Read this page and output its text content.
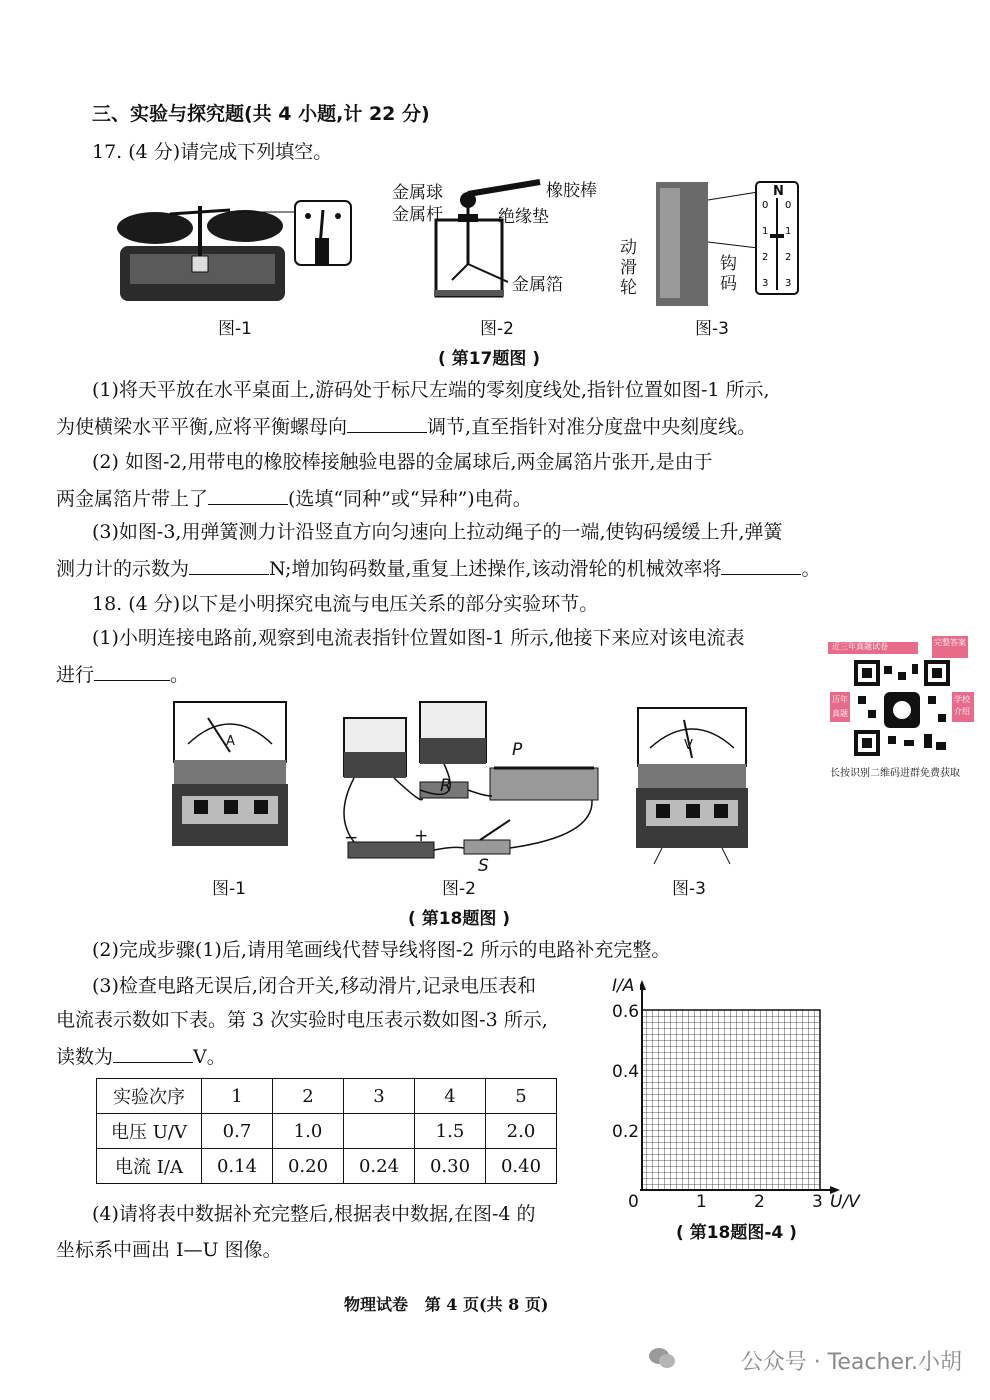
三、实验与探究题(共 4 小题,计 22 分)
17. (4 分)请完成下列填空。
图-1
金属球
金属杆
橡胶棒
绝缘垫
金属箔
图-2
0
1
2
3
0
1
2
3
N
动滑轮
钩码
图-3
( 第17题图 )
(1)将天平放在水平桌面上,游码处于标尺左端的零刻度线处,指针位置如图-1 所示,
为使横梁水平平衡,应将平衡螺母向	调节,直至指针对准分度盘中央刻度线。
(2) 如图-2,用带电的橡胶棒接触验电器的金属球后,两金属箔片张开,是由于
两金属箔片带上了	(选填“同种”或“异种”)电荷。
(3)如图-3,用弹簧测力计沿竖直方向匀速向上拉动绳子的一端,使钩码缓缓上升,弹簧
测力计的示数为	N;增加钩码数量,重复上述操作,该动滑轮的机械效率将	。
18. (4 分)以下是小明探究电流与电压关系的部分实验环节。
(1)小明连接电路前,观察到电流表指针位置如图-1 所示,他接下来应对该电流表
进行	。
近三年真题试卷	完整答案
历年
真题
学校介绍
长按识别二维码进群免费获取
A
图-1
P
R
S
−	+
图-2
V
图-3
( 第18题图 )
(2)完成步骤(1)后,请用笔画线代替导线将图-2 所示的电路补充完整。
(3)检查电路无误后,闭合开关,移动滑片,记录电压表和
电流表示数如下表。第 3 次实验时电压表示数如图-3 所示,
读数为	V。
实验次序	1	2	3	4	5
电压 U/V	0.7	1.0		1.5	2.0
电流 I/A	0.14	0.20	0.24	0.30	0.40
(4)请将表中数据补充完整后,根据表中数据,在图-4 的
坐标系中画出 I—U 图像。
I/A
0.6
0.4
0.2
0	1	2	3 U/V
( 第18题图-4 )
物理试卷   第 4 页(共 8 页)
公众号 · Teacher.小胡
